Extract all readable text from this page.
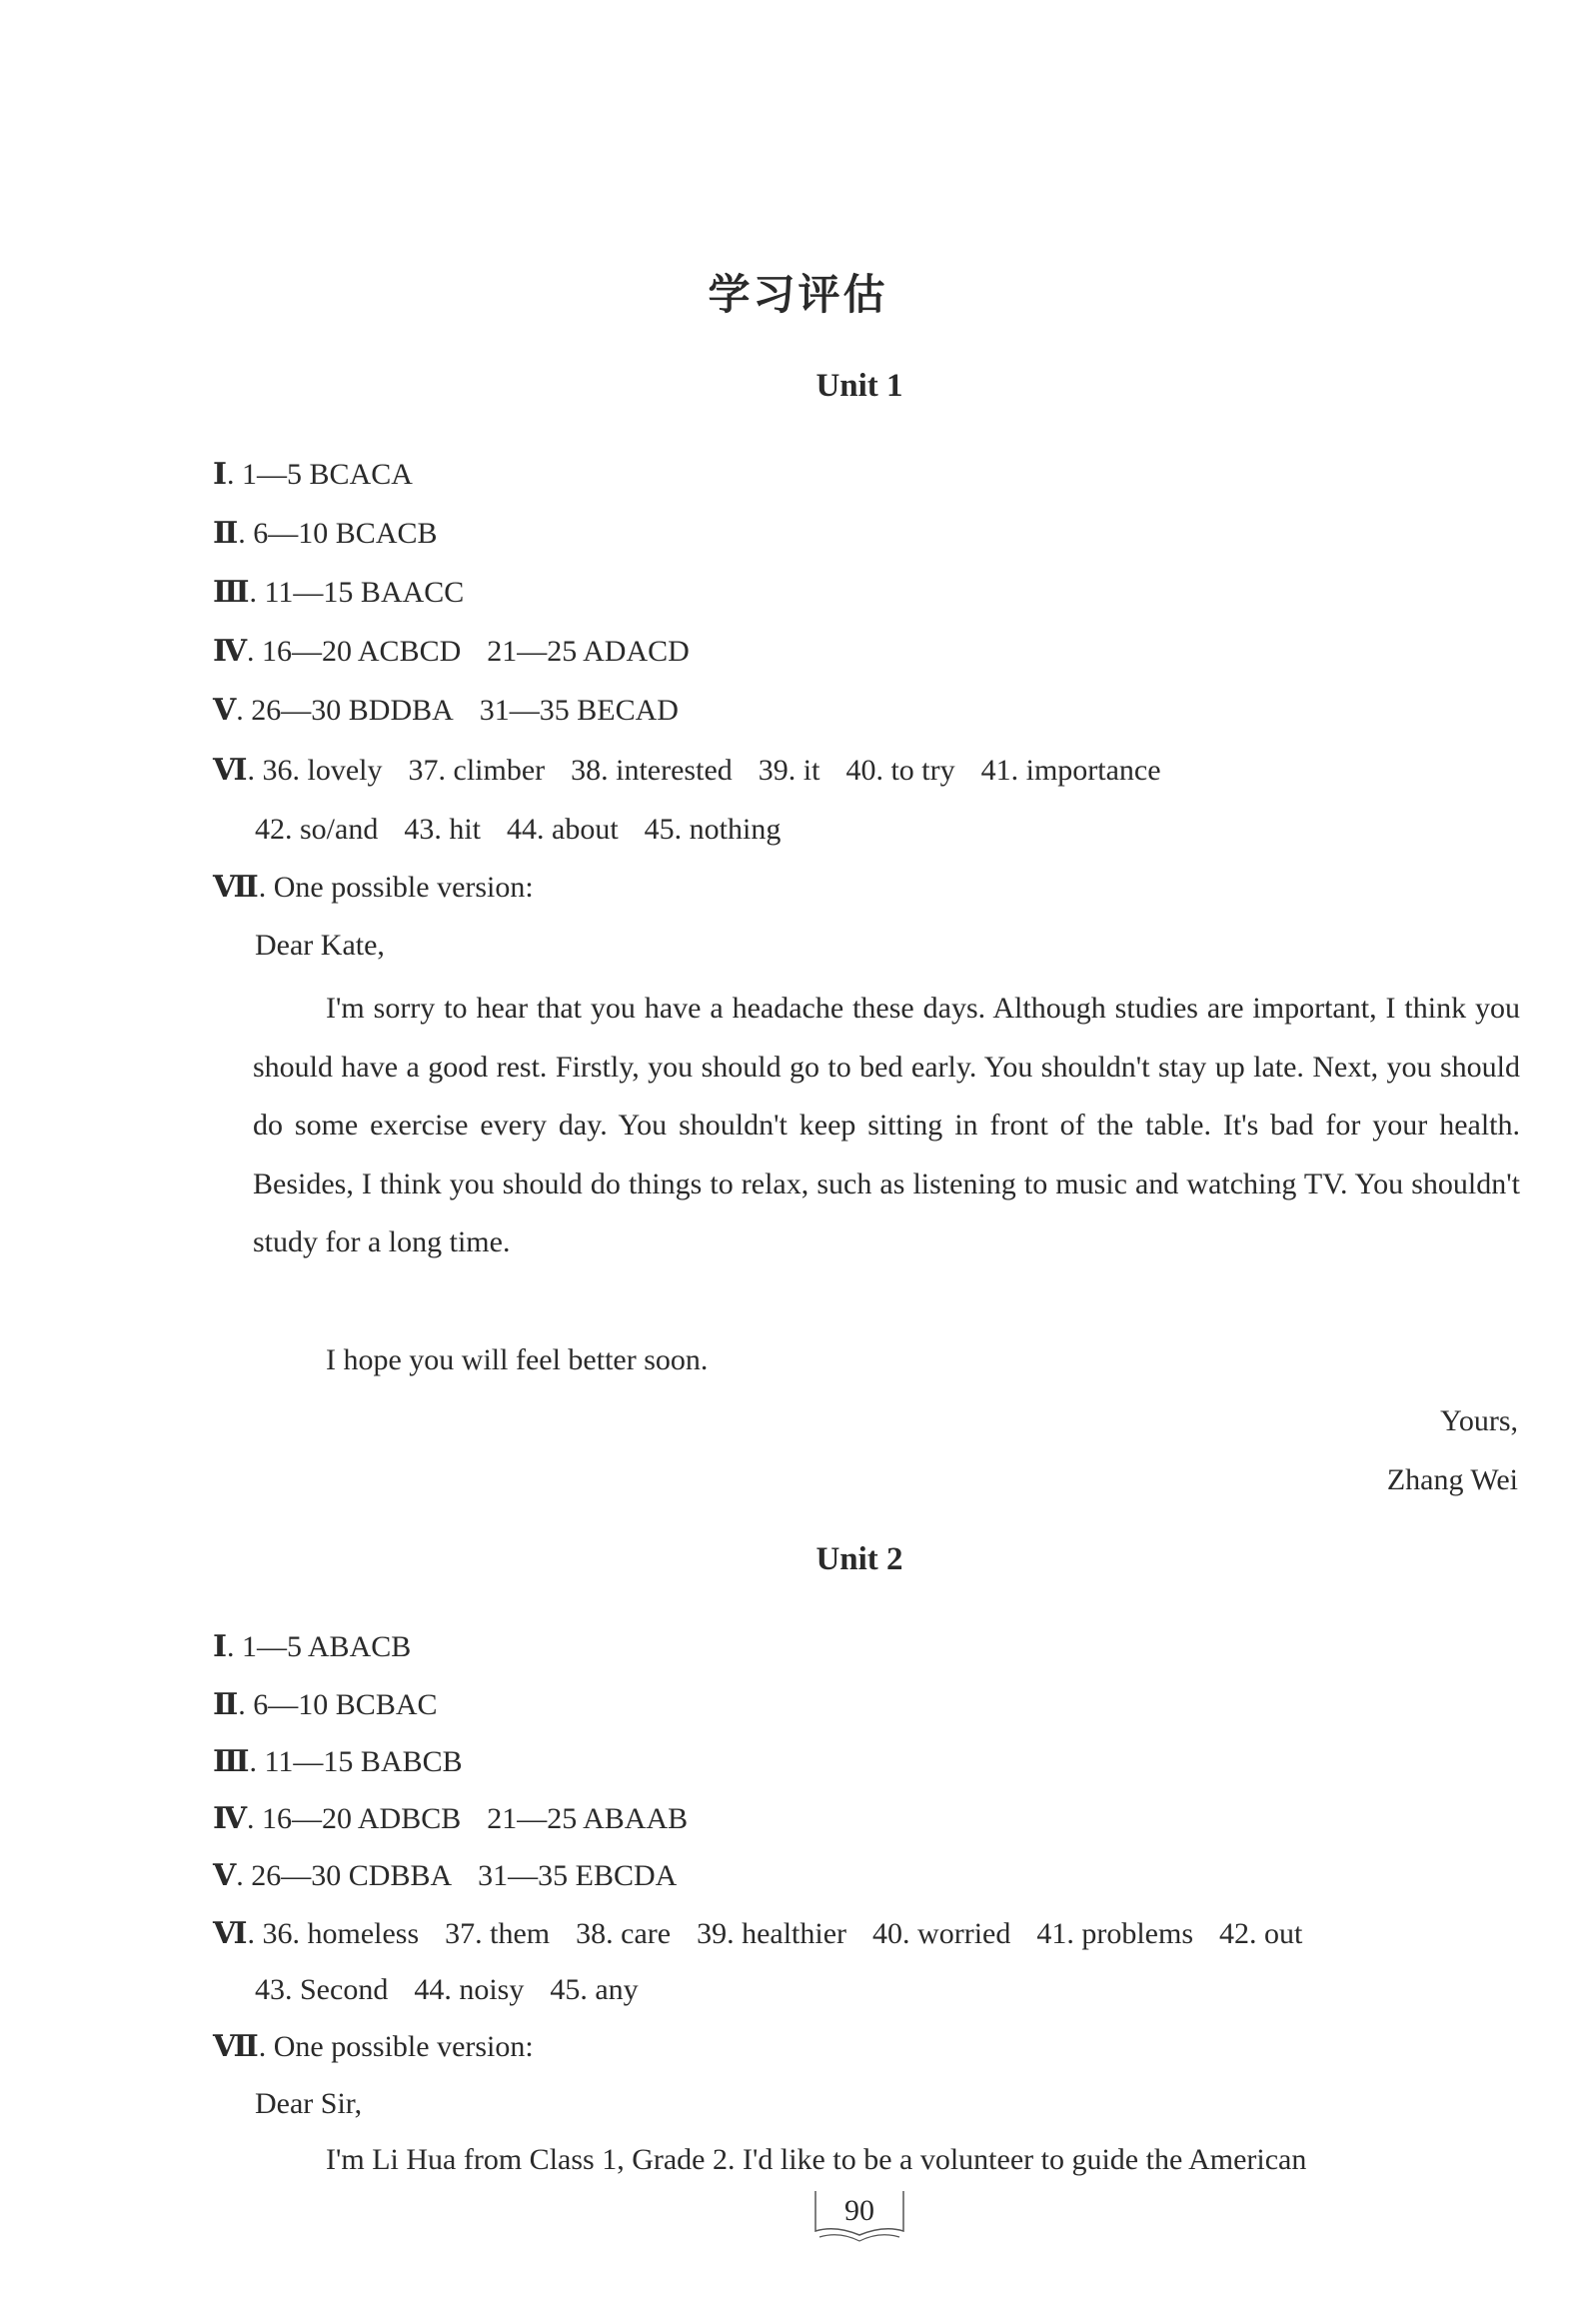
学习评估
Unit 1
Ⅰ. 1—5 BCACA
Ⅱ. 6—10 BCACB
Ⅲ. 11—15 BAACC
Ⅳ. 16—20 ACBCD 21—25 ADACD
Ⅴ. 26—30 BDDBA 31—35 BECAD
Ⅵ. 36. lovely 37. climber 38. interested 39. it 40. to try 41. importance
42. so/and 43. hit 44. about 45. nothing
Ⅶ. One possible version:
Dear Kate,
I'm sorry to hear that you have a headache these days. Although studies are important, I think you should have a good rest. Firstly, you should go to bed early. You shouldn't stay up late. Next, you should do some exercise every day. You shouldn't keep sitting in front of the table. It's bad for your health. Besides, I think you should do things to relax, such as listening to music and watching TV. You shouldn't study for a long time.
I hope you will feel better soon.
Yours,
Zhang Wei
Unit 2
Ⅰ. 1—5 ABACB
Ⅱ. 6—10 BCBAC
Ⅲ. 11—15 BABCB
Ⅳ. 16—20 ADBCB 21—25 ABAAB
Ⅴ. 26—30 CDBBA 31—35 EBCDA
Ⅵ. 36. homeless 37. them 38. care 39. healthier 40. worried 41. problems 42. out
43. Second 44. noisy 45. any
Ⅶ. One possible version:
Dear Sir,
I'm Li Hua from Class 1, Grade 2. I'd like to be a volunteer to guide the American
90
